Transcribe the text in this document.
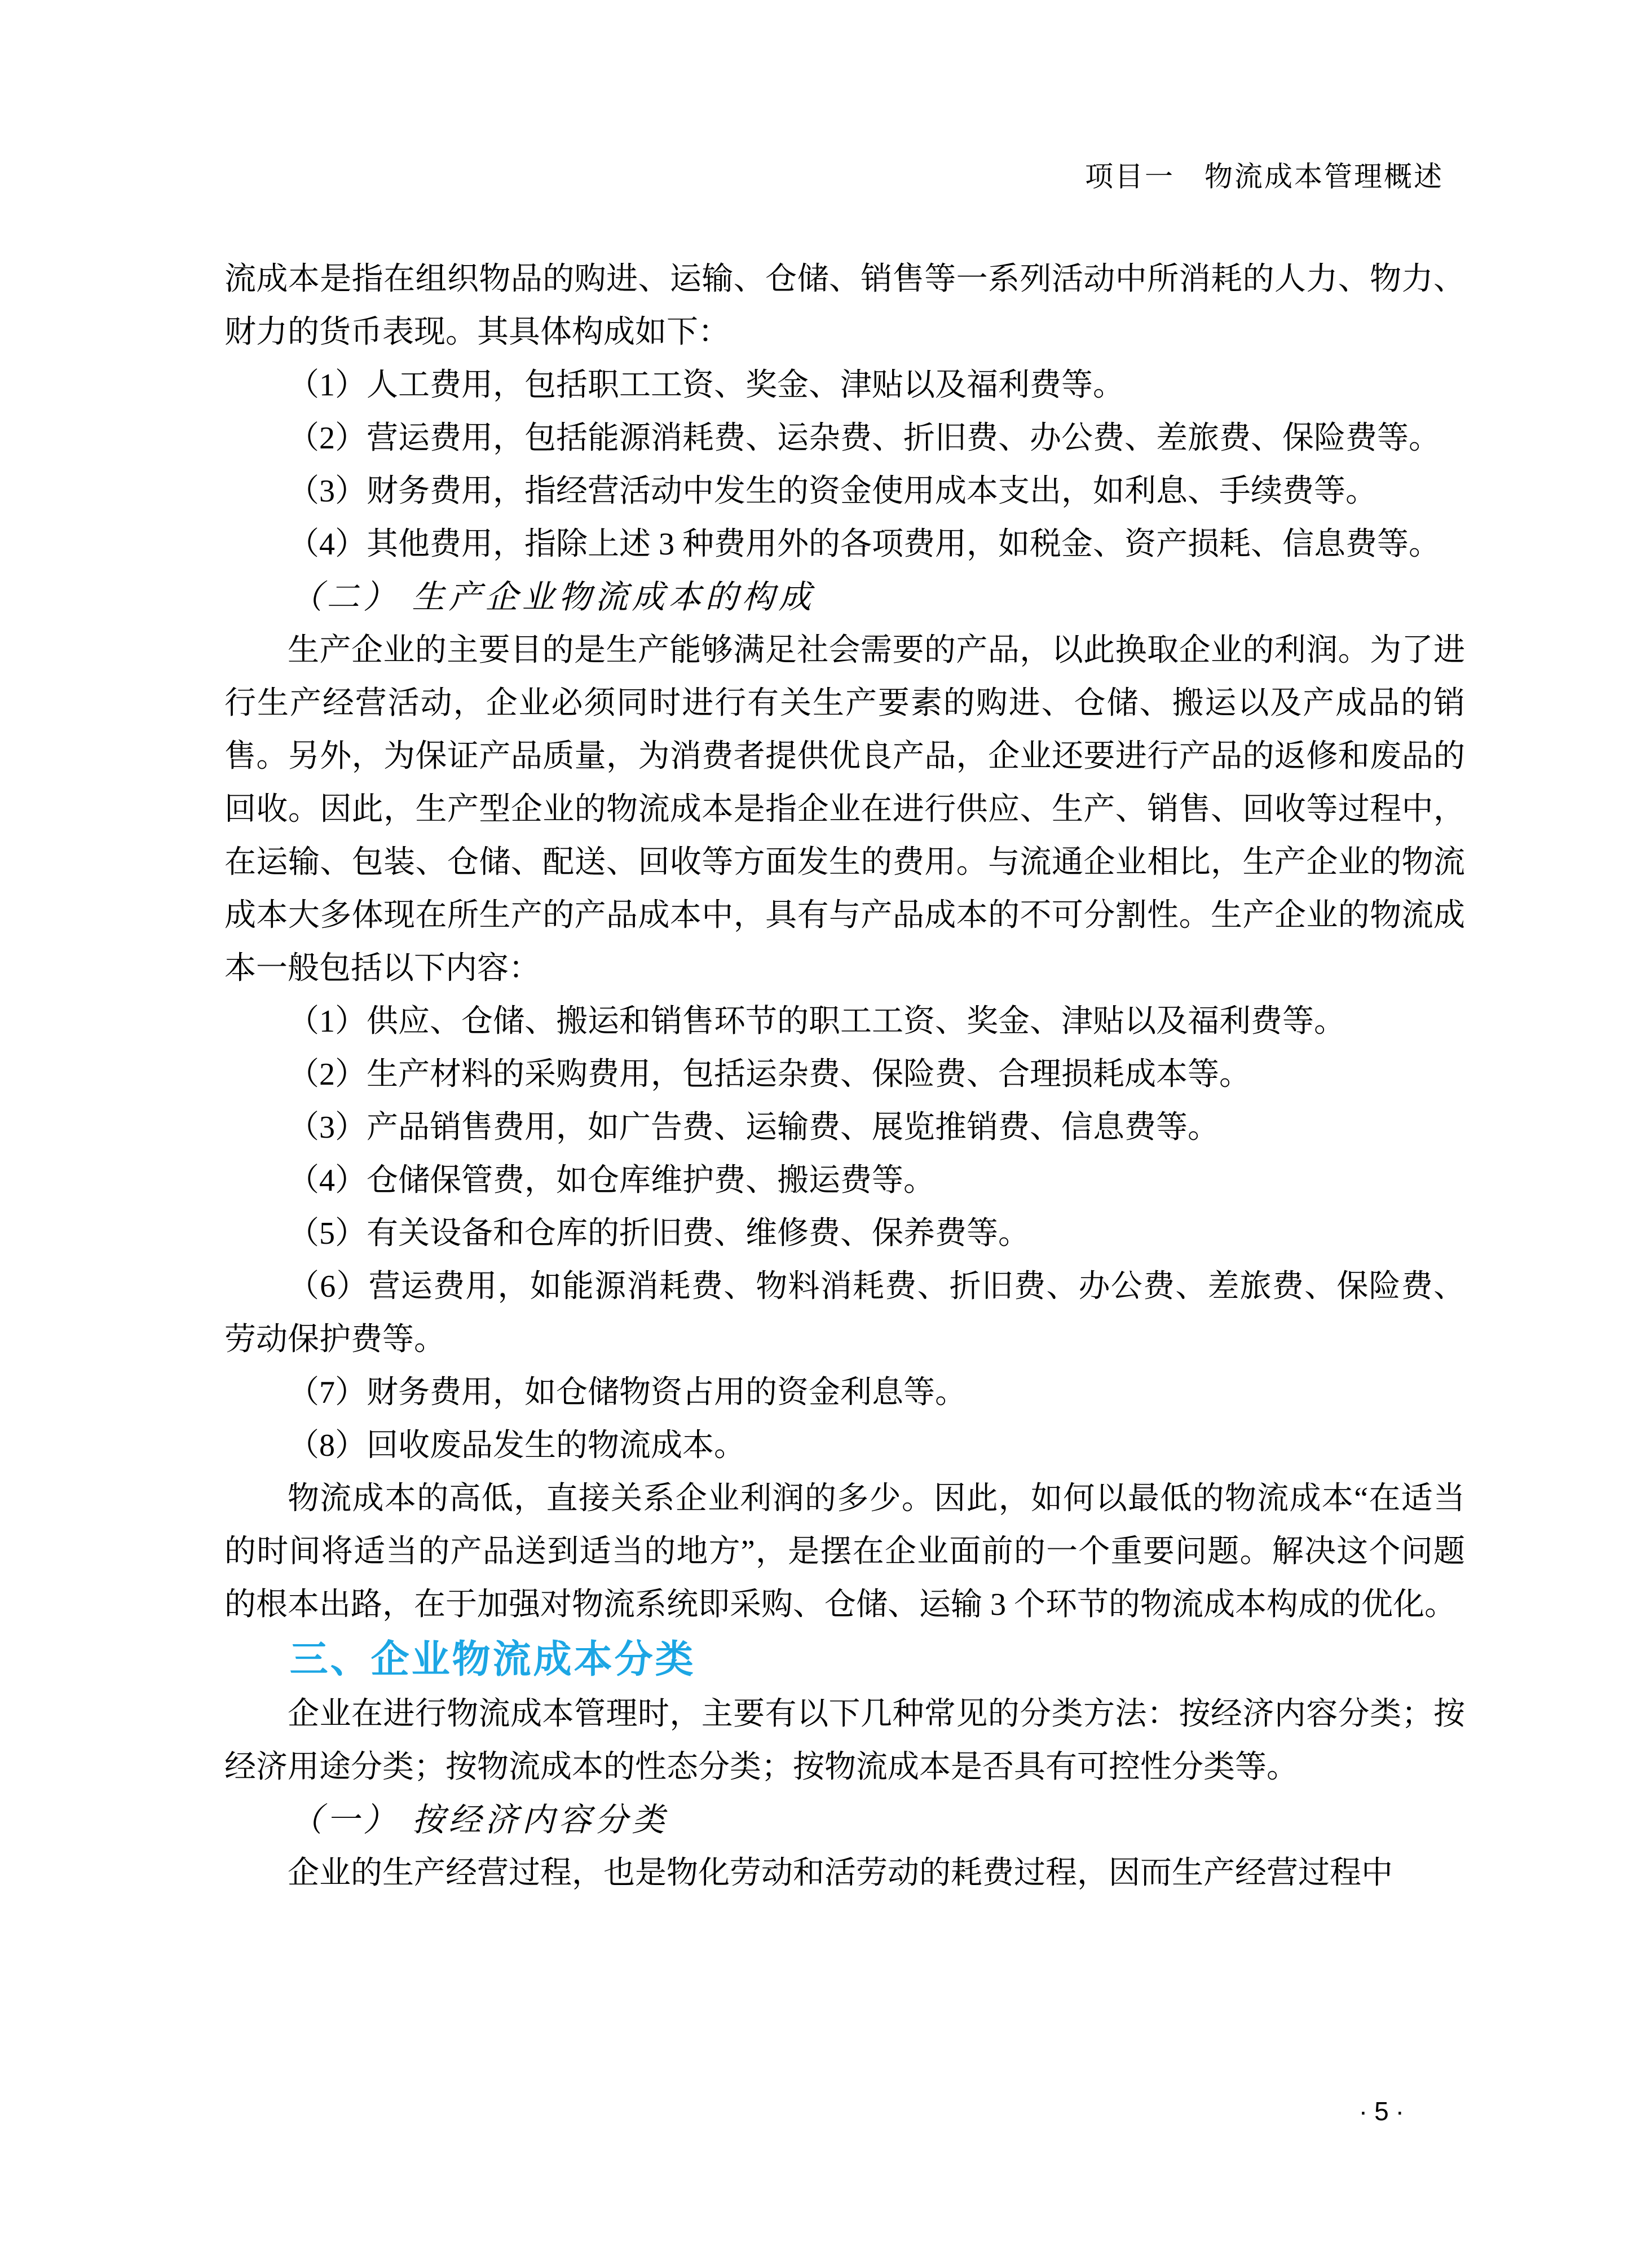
项目一　物流成本管理概述

流成本是指在组织物品的购进、运输、仓储、销售等一系列活动中所消耗的人力、物力、财力的货币表现。其具体构成如下：

（1）人工费用，包括职工工资、奖金、津贴以及福利费等。

（2）营运费用，包括能源消耗费、运杂费、折旧费、办公费、差旅费、保险费等。

（3）财务费用，指经营活动中发生的资金使用成本支出，如利息、手续费等。

（4）其他费用，指除上述 3 种费用外的各项费用，如税金、资产损耗、信息费等。

（二） 生产企业物流成本的构成

生产企业的主要目的是生产能够满足社会需要的产品，以此换取企业的利润。为了进行生产经营活动，企业必须同时进行有关生产要素的购进、仓储、搬运以及产成品的销售。另外，为保证产品质量，为消费者提供优良产品，企业还要进行产品的返修和废品的回收。因此，生产型企业的物流成本是指企业在进行供应、生产、销售、回收等过程中，在运输、包装、仓储、配送、回收等方面发生的费用。与流通企业相比，生产企业的物流成本大多体现在所生产的产品成本中，具有与产品成本的不可分割性。生产企业的物流成本一般包括以下内容：

（1）供应、仓储、搬运和销售环节的职工工资、奖金、津贴以及福利费等。

（2）生产材料的采购费用，包括运杂费、保险费、合理损耗成本等。

（3）产品销售费用，如广告费、运输费、展览推销费、信息费等。

（4）仓储保管费，如仓库维护费、搬运费等。

（5）有关设备和仓库的折旧费、维修费、保养费等。

（6）营运费用，如能源消耗费、物料消耗费、折旧费、办公费、差旅费、保险费、劳动保护费等。

（7）财务费用，如仓储物资占用的资金利息等。

（8）回收废品发生的物流成本。

物流成本的高低，直接关系企业利润的多少。因此，如何以最低的物流成本“在适当的时间将适当的产品送到适当的地方”，是摆在企业面前的一个重要问题。解决这个问题的根本出路，在于加强对物流系统即采购、仓储、运输 3 个环节的物流成本构成的优化。

三、企业物流成本分类

企业在进行物流成本管理时，主要有以下几种常见的分类方法：按经济内容分类；按经济用途分类；按物流成本的性态分类；按物流成本是否具有可控性分类等。

（一） 按经济内容分类

企业的生产经营过程，也是物化劳动和活劳动的耗费过程，因而生产经营过程中

·5·
